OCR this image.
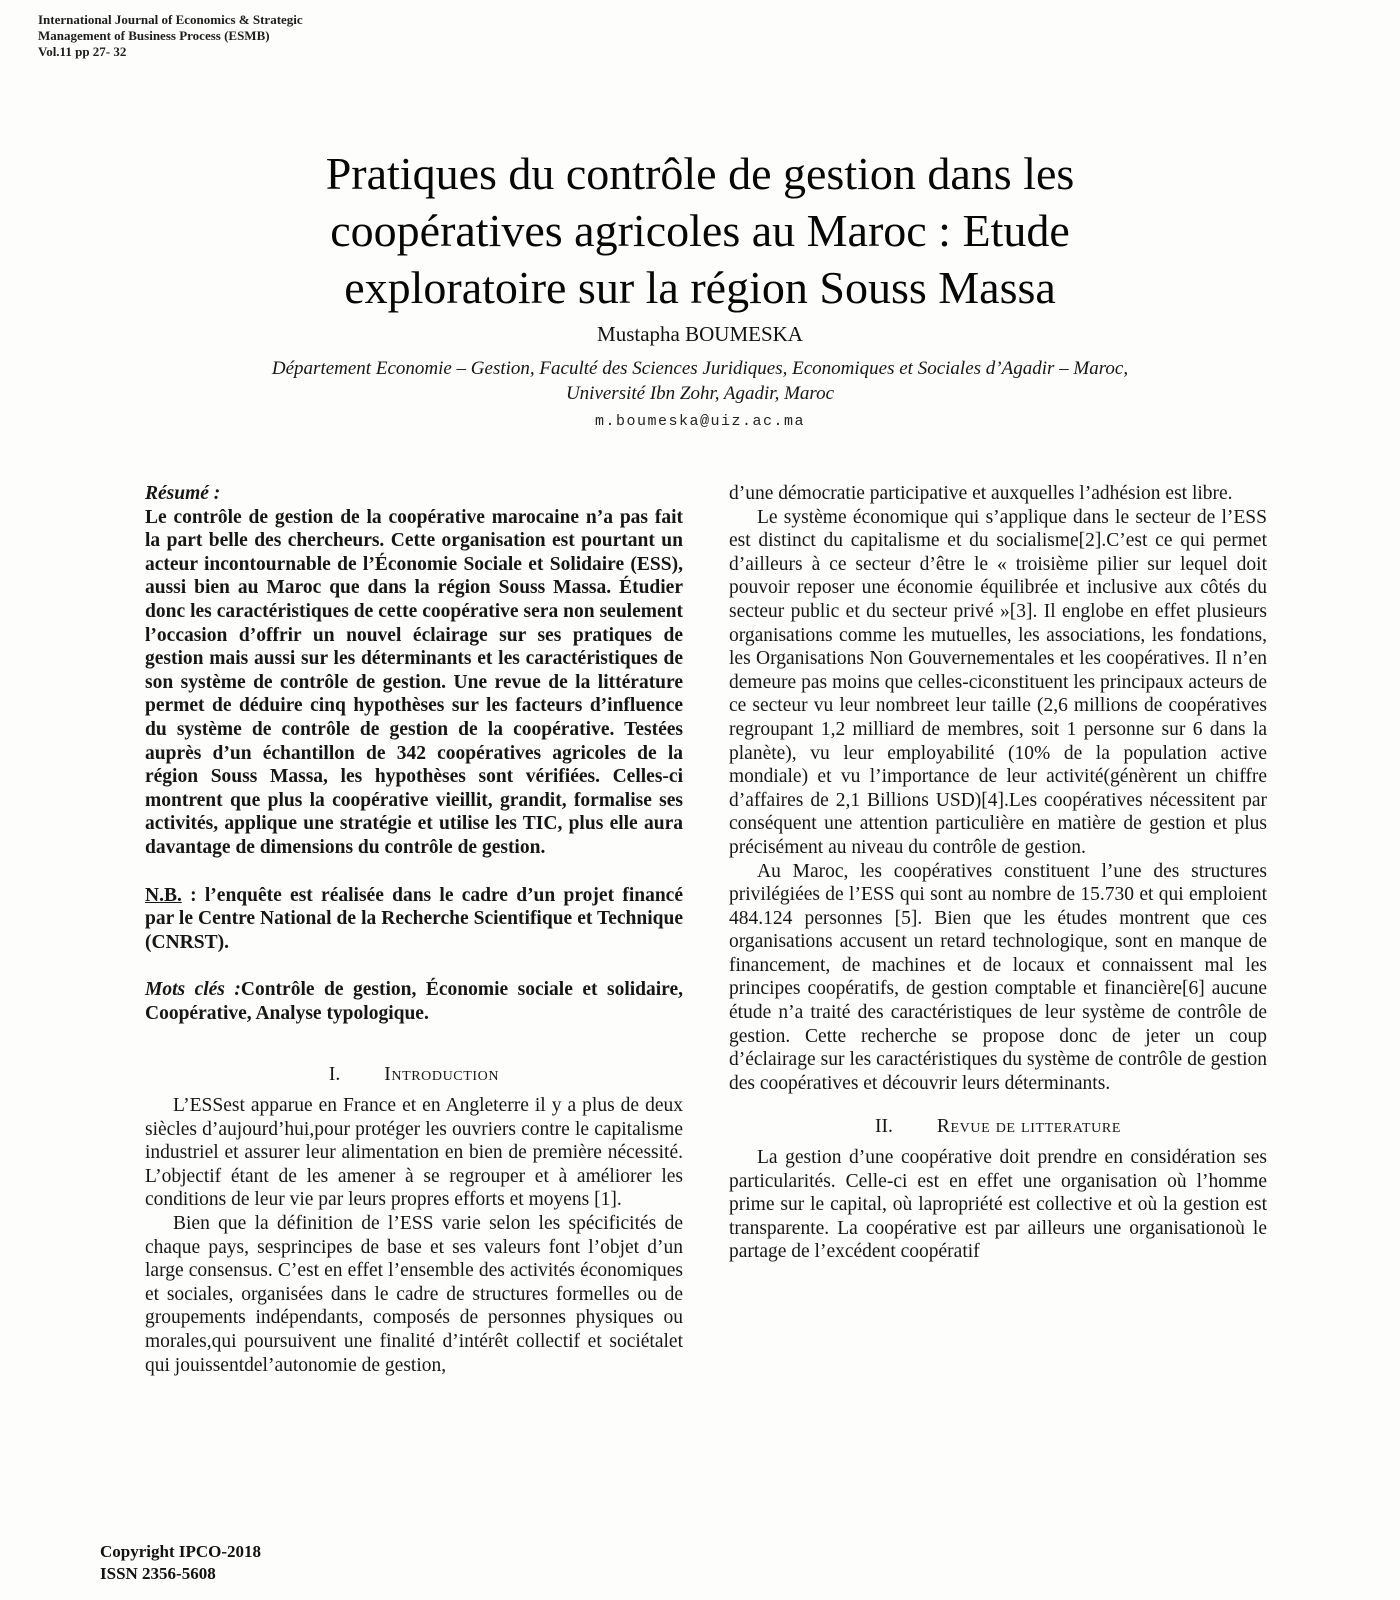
International Journal of Economics & Strategic
Management of Business Process (ESMB)
Vol.11 pp 27- 32
Pratiques du contrôle de gestion dans les
coopératives agricoles au Maroc : Etude
exploratoire sur la région Souss Massa
Mustapha BOUMESKA
Département Economie – Gestion, Faculté des Sciences Juridiques, Economiques et Sociales d’Agadir – Maroc,
Université Ibn Zohr, Agadir, Maroc
m.boumeska@uiz.ac.ma

Résumé :
Le contrôle de gestion de la coopérative marocaine n’a pas fait la part belle des chercheurs. Cette organisation est pourtant un acteur incontournable de l’Économie Sociale et Solidaire (ESS), aussi bien au Maroc que dans la région Souss Massa. Étudier donc les caractéristiques de cette coopérative sera non seulement l’occasion d’offrir un nouvel éclairage sur ses pratiques de gestion mais aussi sur les déterminants et les caractéristiques de son système de contrôle de gestion. Une revue de la littérature permet de déduire cinq hypothèses sur les facteurs d’influence du système de contrôle de gestion de la coopérative. Testées auprès d’un échantillon de 342 coopératives agricoles de la région Souss Massa, les hypothèses sont vérifiées. Celles-ci montrent que plus la coopérative vieillit, grandit, formalise ses activités, applique une stratégie et utilise les TIC, plus elle aura davantage de dimensions du contrôle de gestion.

N.B. : l’enquête est réalisée dans le cadre d’un projet financé par le Centre National de la Recherche Scientifique et Technique (CNRST).

Mots clés :Contrôle de gestion, Économie sociale et solidaire, Coopérative, Analyse typologique.

I. Introduction

L’ESSest apparue en France et en Angleterre il y a plus de deux siècles d’aujourd’hui,pour protéger les ouvriers contre le capitalisme industriel et assurer leur alimentation en bien de première nécessité. L’objectif étant de les amener à se regrouper et à améliorer les conditions de leur vie par leurs propres efforts et moyens [1].

Bien que la définition de l’ESS varie selon les spécificités de chaque pays, sesprincipes de base et ses valeurs font l’objet d’un large consensus. C’est en effet l’ensemble des activités économiques et sociales, organisées dans le cadre de structures formelles ou de groupements indépendants, composés de personnes physiques ou morales,qui poursuivent une finalité d’intérêt collectif et sociétalet qui jouissentdel’autonomie de gestion,

d’une démocratie participative et auxquelles l’adhésion est libre.

Le système économique qui s’applique dans le secteur de l’ESS est distinct du capitalisme et du socialisme[2].C’est ce qui permet d’ailleurs à ce secteur d’être le « troisième pilier sur lequel doit pouvoir reposer une économie équilibrée et inclusive aux côtés du secteur public et du secteur privé »[3]. Il englobe en effet plusieurs organisations comme les mutuelles, les associations, les fondations, les Organisations Non Gouvernementales et les coopératives. Il n’en demeure pas moins que celles-ciconstituent les principaux acteurs de ce secteur vu leur nombreet leur taille (2,6 millions de coopératives regroupant 1,2 milliard de membres, soit 1 personne sur 6 dans la planète), vu leur employabilité (10% de la population active mondiale) et vu l’importance de leur activité(génèrent un chiffre d’affaires de 2,1 Billions USD)[4].Les coopératives nécessitent par conséquent une attention particulière en matière de gestion et plus précisément au niveau du contrôle de gestion.

Au Maroc, les coopératives constituent l’une des structures privilégiées de l’ESS qui sont au nombre de 15.730 et qui emploient 484.124 personnes [5]. Bien que les études montrent que ces organisations accusent un retard technologique, sont en manque de financement, de machines et de locaux et connaissent mal les principes coopératifs, de gestion comptable et financière[6] aucune étude n’a traité des caractéristiques de leur système de contrôle de gestion. Cette recherche se propose donc de jeter un coup d’éclairage sur les caractéristiques du système de contrôle de gestion des coopératives et découvrir leurs déterminants.

II. Revue de litterature

La gestion d’une coopérative doit prendre en considération ses particularités. Celle-ci est en effet une organisation où l’homme prime sur le capital, où lapropriété est collective et où la gestion est transparente. La coopérative est par ailleurs une organisationoù le partage de l’excédent coopératif

Copyright IPCO-2018
ISSN 2356-5608
